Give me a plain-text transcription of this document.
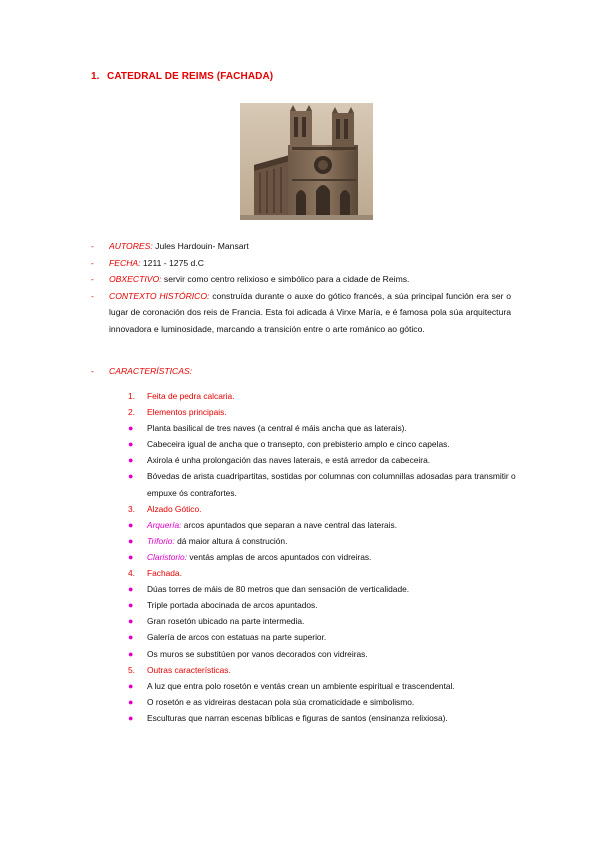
1. CATEDRAL DE REIMS (FACHADA)
- AUTORES: Jules Hardouin- Mansart
- FECHA: 1211 - 1275 d.C
- OBXECTIVO: servir como centro relixioso e simbólico para a cidade de Reims.
- CONTEXTO HISTÓRICO: construída durante o auxe do gótico francés, a súa principal función era ser o lugar de coronación dos reis de Francia. Esta foi adicada á Virxe María, e é famosa pola súa arquitectura innovadora e luminosidade, marcando a transición entre o arte románico ao gótico.
- CARACTERÍSTICAS:
1. Feita de pedra calcaria.
2. Elementos principais.
● Planta basilical de tres naves (a central é máis ancha que as laterais).
● Cabeceira igual de ancha que o transepto, con prebisterio amplo e cinco capelas.
● Axirola é unha prolongación das naves laterais, e está arredor da cabeceira.
● Bóvedas de arista cuadripartitas, sostidas por columnas con columnillas adosadas para transmitir o empuxe ós contrafortes.
3. Alzado Gótico.
● Arquería: arcos apuntados que separan a nave central das laterais.
● Triforio: dá maior altura á construción.
● Claristorio: ventás amplas de arcos apuntados con vidreiras.
4. Fachada.
● Dúas torres de máis de 80 metros que dan sensación de verticalidade.
● Triple portada abocinada de arcos apuntados.
● Gran rosetón ubicado na parte intermedia.
● Galería de arcos con estatuas na parte superior.
● Os muros se substitúen por vanos decorados con vidreiras.
5. Outras características.
● A luz que entra polo rosetón e ventás crean un ambiente espiritual e trascendental.
● O rosetón e as vidreiras destacan pola súa cromaticidade e simbolismo.
● Esculturas que narran escenas bíblicas e figuras de santos (ensinanza relixiosa).
